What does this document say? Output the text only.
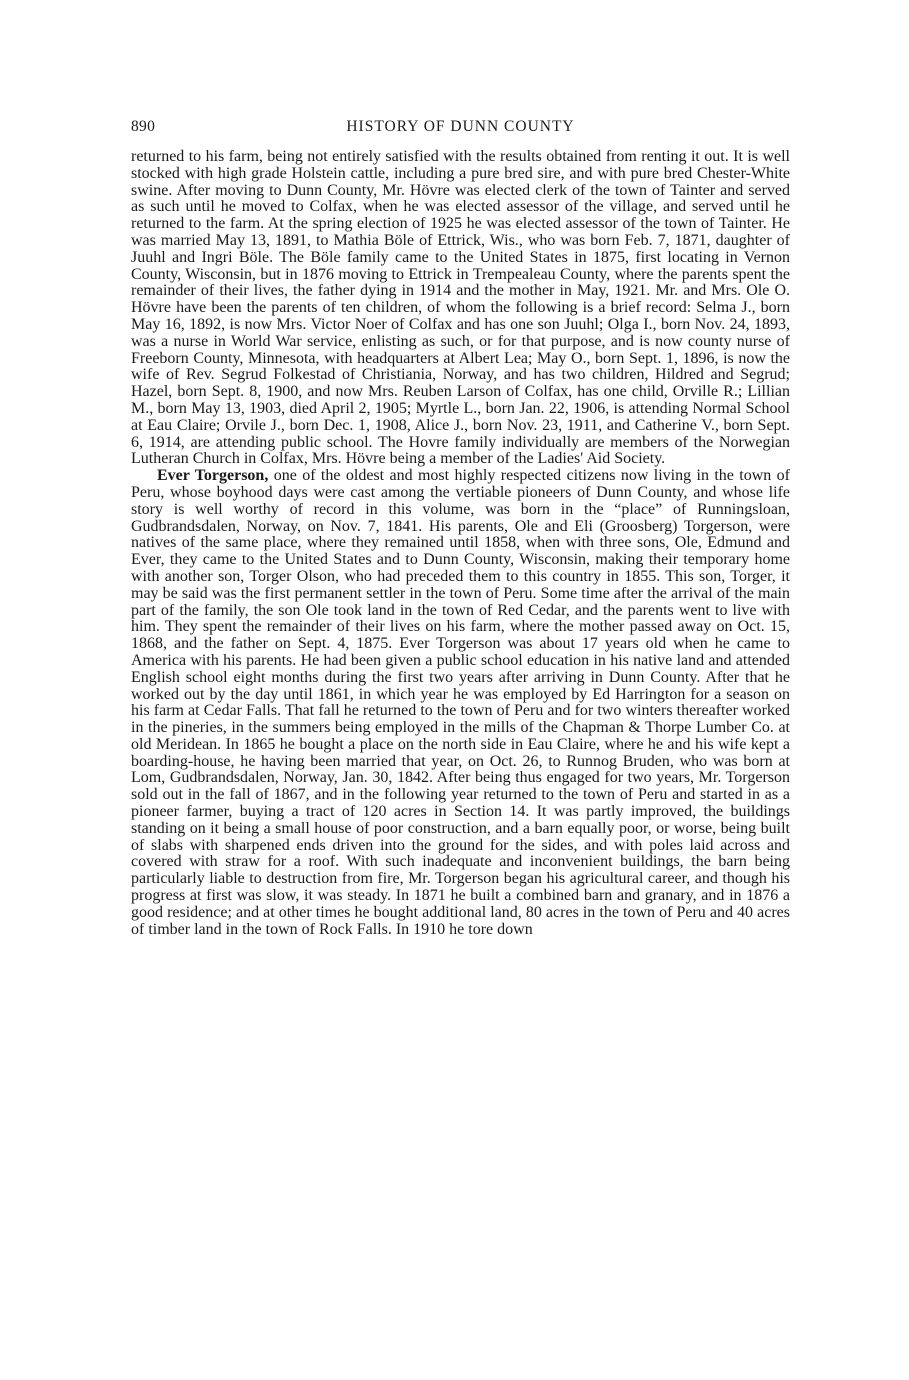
890	HISTORY OF DUNN COUNTY

returned to his farm, being not entirely satisfied with the results obtained from renting it out. It is well stocked with high grade Holstein cattle, including a pure bred sire, and with pure bred Chester-White swine. After moving to Dunn County, Mr. Hövre was elected clerk of the town of Tainter and served as such until he moved to Colfax, when he was elected assessor of the village, and served until he returned to the farm. At the spring election of 1925 he was elected assessor of the town of Tainter. He was married May 13, 1891, to Mathia Böle of Ettrick, Wis., who was born Feb. 7, 1871, daughter of Juuhl and Ingri Böle. The Böle family came to the United States in 1875, first locating in Vernon County, Wisconsin, but in 1876 moving to Ettrick in Trempealeau County, where the parents spent the remainder of their lives, the father dying in 1914 and the mother in May, 1921. Mr. and Mrs. Ole O. Hövre have been the parents of ten children, of whom the following is a brief record: Selma J., born May 16, 1892, is now Mrs. Victor Noer of Colfax and has one son Juuhl; Olga I., born Nov. 24, 1893, was a nurse in World War service, enlisting as such, or for that purpose, and is now county nurse of Freeborn County, Minnesota, with headquarters at Albert Lea; May O., born Sept. 1, 1896, is now the wife of Rev. Segrud Folkestad of Christiania, Norway, and has two children, Hildred and Segrud; Hazel, born Sept. 8, 1900, and now Mrs. Reuben Larson of Colfax, has one child, Orville R.; Lillian M., born May 13, 1903, died April 2, 1905; Myrtle L., born Jan. 22, 1906, is attending Normal School at Eau Claire; Orvile J., born Dec. 1, 1908, Alice J., born Nov. 23, 1911, and Catherine V., born Sept. 6, 1914, are attending public school. The Hovre family individually are members of the Norwegian Lutheran Church in Colfax, Mrs. Hövre being a member of the Ladies' Aid Society.

Ever Torgerson, one of the oldest and most highly respected citizens now living in the town of Peru, whose boyhood days were cast among the vertiable pioneers of Dunn County, and whose life story is well worthy of record in this volume, was born in the “place” of Runningsloan, Gudbrandsdalen, Norway, on Nov. 7, 1841. His parents, Ole and Eli (Groosberg) Torgerson, were natives of the same place, where they remained until 1858, when with three sons, Ole, Edmund and Ever, they came to the United States and to Dunn County, Wisconsin, making their temporary home with another son, Torger Olson, who had preceded them to this country in 1855. This son, Torger, it may be said was the first permanent settler in the town of Peru. Some time after the arrival of the main part of the family, the son Ole took land in the town of Red Cedar, and the parents went to live with him. They spent the remainder of their lives on his farm, where the mother passed away on Oct. 15, 1868, and the father on Sept. 4, 1875. Ever Torgerson was about 17 years old when he came to America with his parents. He had been given a public school education in his native land and attended English school eight months during the first two years after arriving in Dunn County. After that he worked out by the day until 1861, in which year he was employed by Ed Harrington for a season on his farm at Cedar Falls. That fall he returned to the town of Peru and for two winters thereafter worked in the pineries, in the summers being employed in the mills of the Chapman & Thorpe Lumber Co. at old Meridean. In 1865 he bought a place on the north side in Eau Claire, where he and his wife kept a boarding-house, he having been married that year, on Oct. 26, to Runnog Bruden, who was born at Lom, Gudbrandsdalen, Norway, Jan. 30, 1842. After being thus engaged for two years, Mr. Torgerson sold out in the fall of 1867, and in the following year returned to the town of Peru and started in as a pioneer farmer, buying a tract of 120 acres in Section 14. It was partly improved, the buildings standing on it being a small house of poor construction, and a barn equally poor, or worse, being built of slabs with sharpened ends driven into the ground for the sides, and with poles laid across and covered with straw for a roof. With such inadequate and inconvenient buildings, the barn being particularly liable to destruction from fire, Mr. Torgerson began his agricultural career, and though his progress at first was slow, it was steady. In 1871 he built a combined barn and granary, and in 1876 a good residence; and at other times he bought additional land, 80 acres in the town of Peru and 40 acres of timber land in the town of Rock Falls. In 1910 he tore down
